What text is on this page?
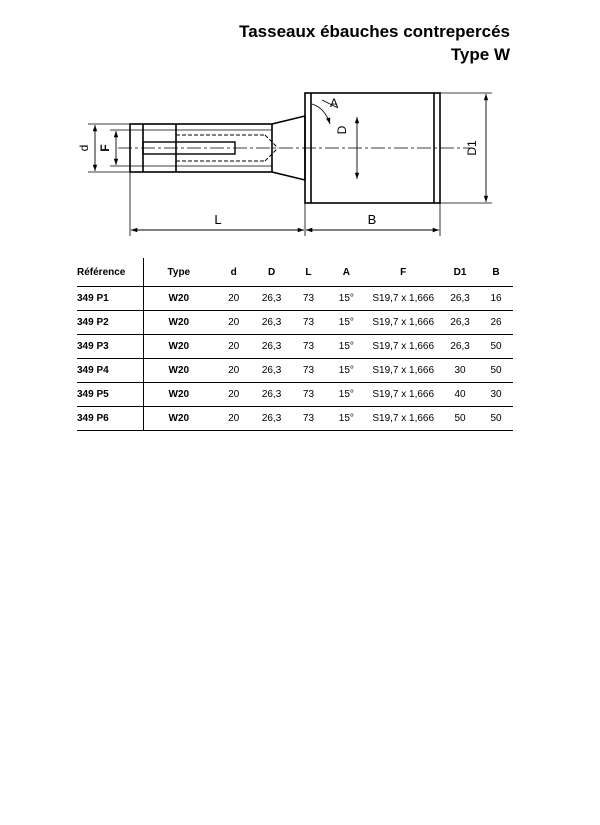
Tasseaux ébauches contrepercés
Type W
D
D1
A
d F
L	B
Référence	Type	d	D	L	A	F	D1	B
349 P1	W20	20	26,3	73	15°	S19,7 x 1,666	26,3	16
349 P2	W20	20	26,3	73	15°	S19,7 x 1,666	26,3	26
349 P3	W20	20	26,3	73	15°	S19,7 x 1,666	26,3	50
349 P4	W20	20	26,3	73	15°	S19,7 x 1,666	30	50
349 P5	W20	20	26,3	73	15°	S19,7 x 1,666	40	30
349 P6	W20	20	26,3	73	15°	S19,7 x 1,666	50	50
